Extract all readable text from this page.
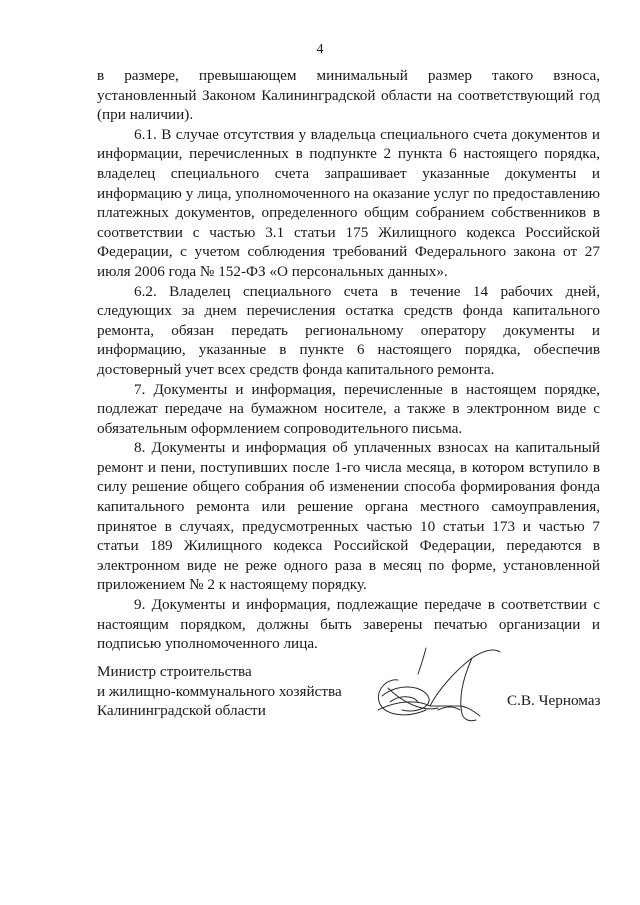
4

в размере, превышающем минимальный размер такого взноса, установленный Законом Калининградской области на соответствующий год (при наличии).

6.1. В случае отсутствия у владельца специального счета документов и информации, перечисленных в подпункте 2 пункта 6 настоящего порядка, владелец специального счета запрашивает указанные документы и информацию у лица, уполномоченного на оказание услуг по предоставлению платежных документов, определенного общим собранием собственников в соответствии с частью 3.1 статьи 175 Жилищного кодекса Российской Федерации, с учетом соблюдения требований Федерального закона от 27 июля 2006 года № 152-ФЗ «О персональных данных».

6.2. Владелец специального счета в течение 14 рабочих дней, следующих за днем перечисления остатка средств фонда капитального ремонта, обязан передать региональному оператору документы и информацию, указанные в пункте 6 настоящего порядка, обеспечив достоверный учет всех средств фонда капитального ремонта.

7. Документы и информация, перечисленные в настоящем порядке, подлежат передаче на бумажном носителе, а также в электронном виде с обязательным оформлением сопроводительного письма.

8. Документы и информация об уплаченных взносах на капитальный ремонт и пени, поступивших после 1-го числа месяца, в котором вступило в силу решение общего собрания об изменении способа формирования фонда капитального ремонта или решение органа местного самоуправления, принятое в случаях, предусмотренных частью 10 статьи 173 и частью 7 статьи 189 Жилищного кодекса Российской Федерации, передаются в электронном виде не реже одного раза в месяц по форме, установленной приложением № 2 к настоящему порядку.

9. Документы и информация, подлежащие передаче в соответствии с настоящим порядком, должны быть заверены печатью организации и подписью уполномоченного лица.

Министр строительства
и жилищно-коммунального хозяйства
Калининградской области
С.В. Черномаз
